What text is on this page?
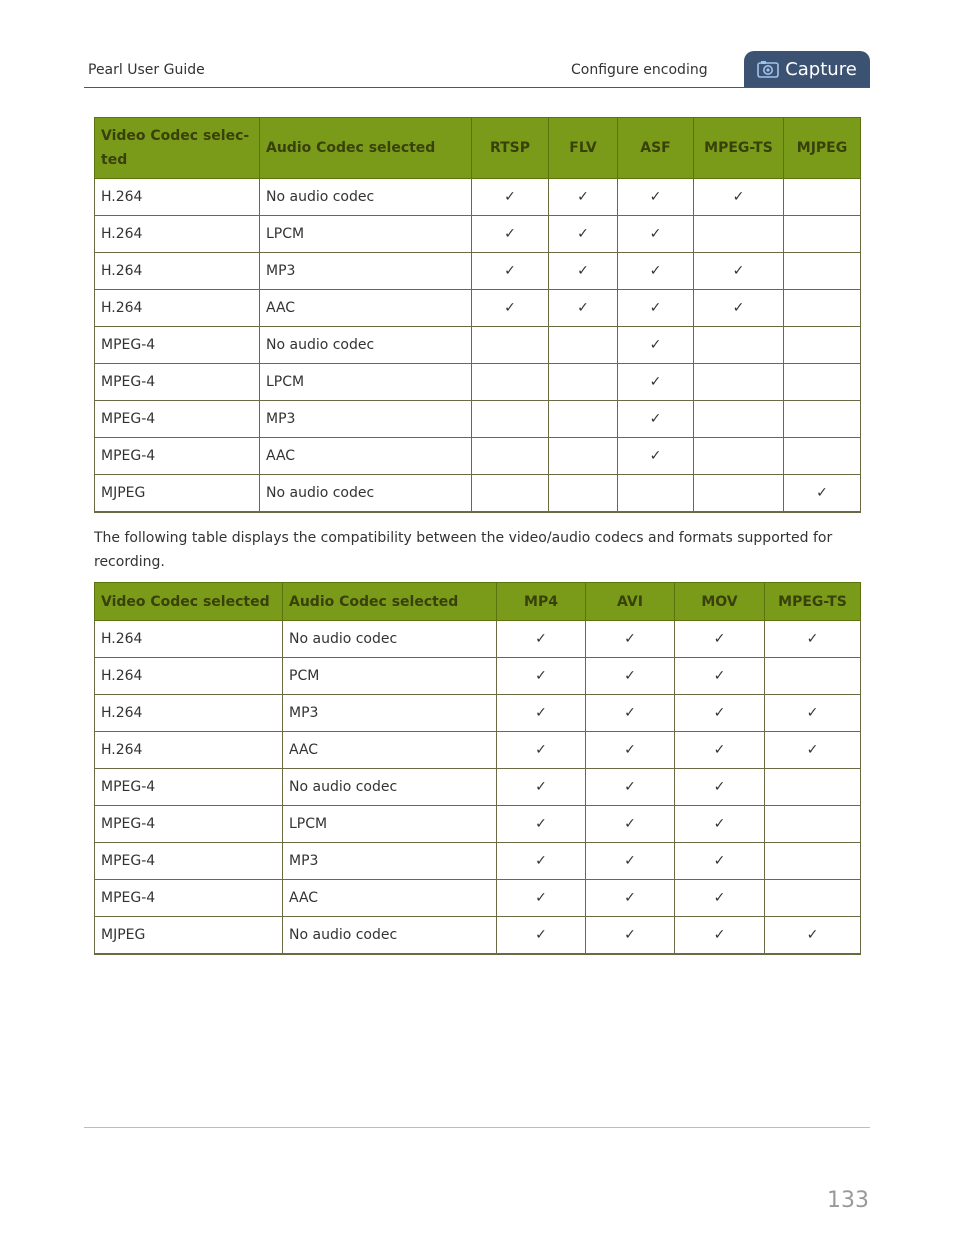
Pearl User Guide	Configure encoding	Capture
Video Codec selec-ted	Audio Codec selected	RTSP	FLV	ASF	MPEG-TS	MJPEG
H.264	No audio codec	✓	✓	✓	✓	
H.264	LPCM	✓	✓	✓		
H.264	MP3	✓	✓	✓	✓	
H.264	AAC	✓	✓	✓	✓	
MPEG-4	No audio codec			✓		
MPEG-4	LPCM			✓		
MPEG-4	MP3			✓		
MPEG-4	AAC			✓		
MJPEG	No audio codec					✓

The following table displays the compatibility between the video/audio codecs and formats supported for recording.

Video Codec selected	Audio Codec selected	MP4	AVI	MOV	MPEG-TS
H.264	No audio codec	✓	✓	✓	✓
H.264	PCM	✓	✓	✓	
H.264	MP3	✓	✓	✓	✓
H.264	AAC	✓	✓	✓	✓
MPEG-4	No audio codec	✓	✓	✓	
MPEG-4	LPCM	✓	✓	✓	
MPEG-4	MP3	✓	✓	✓	
MPEG-4	AAC	✓	✓	✓	
MJPEG	No audio codec	✓	✓	✓	✓
133
